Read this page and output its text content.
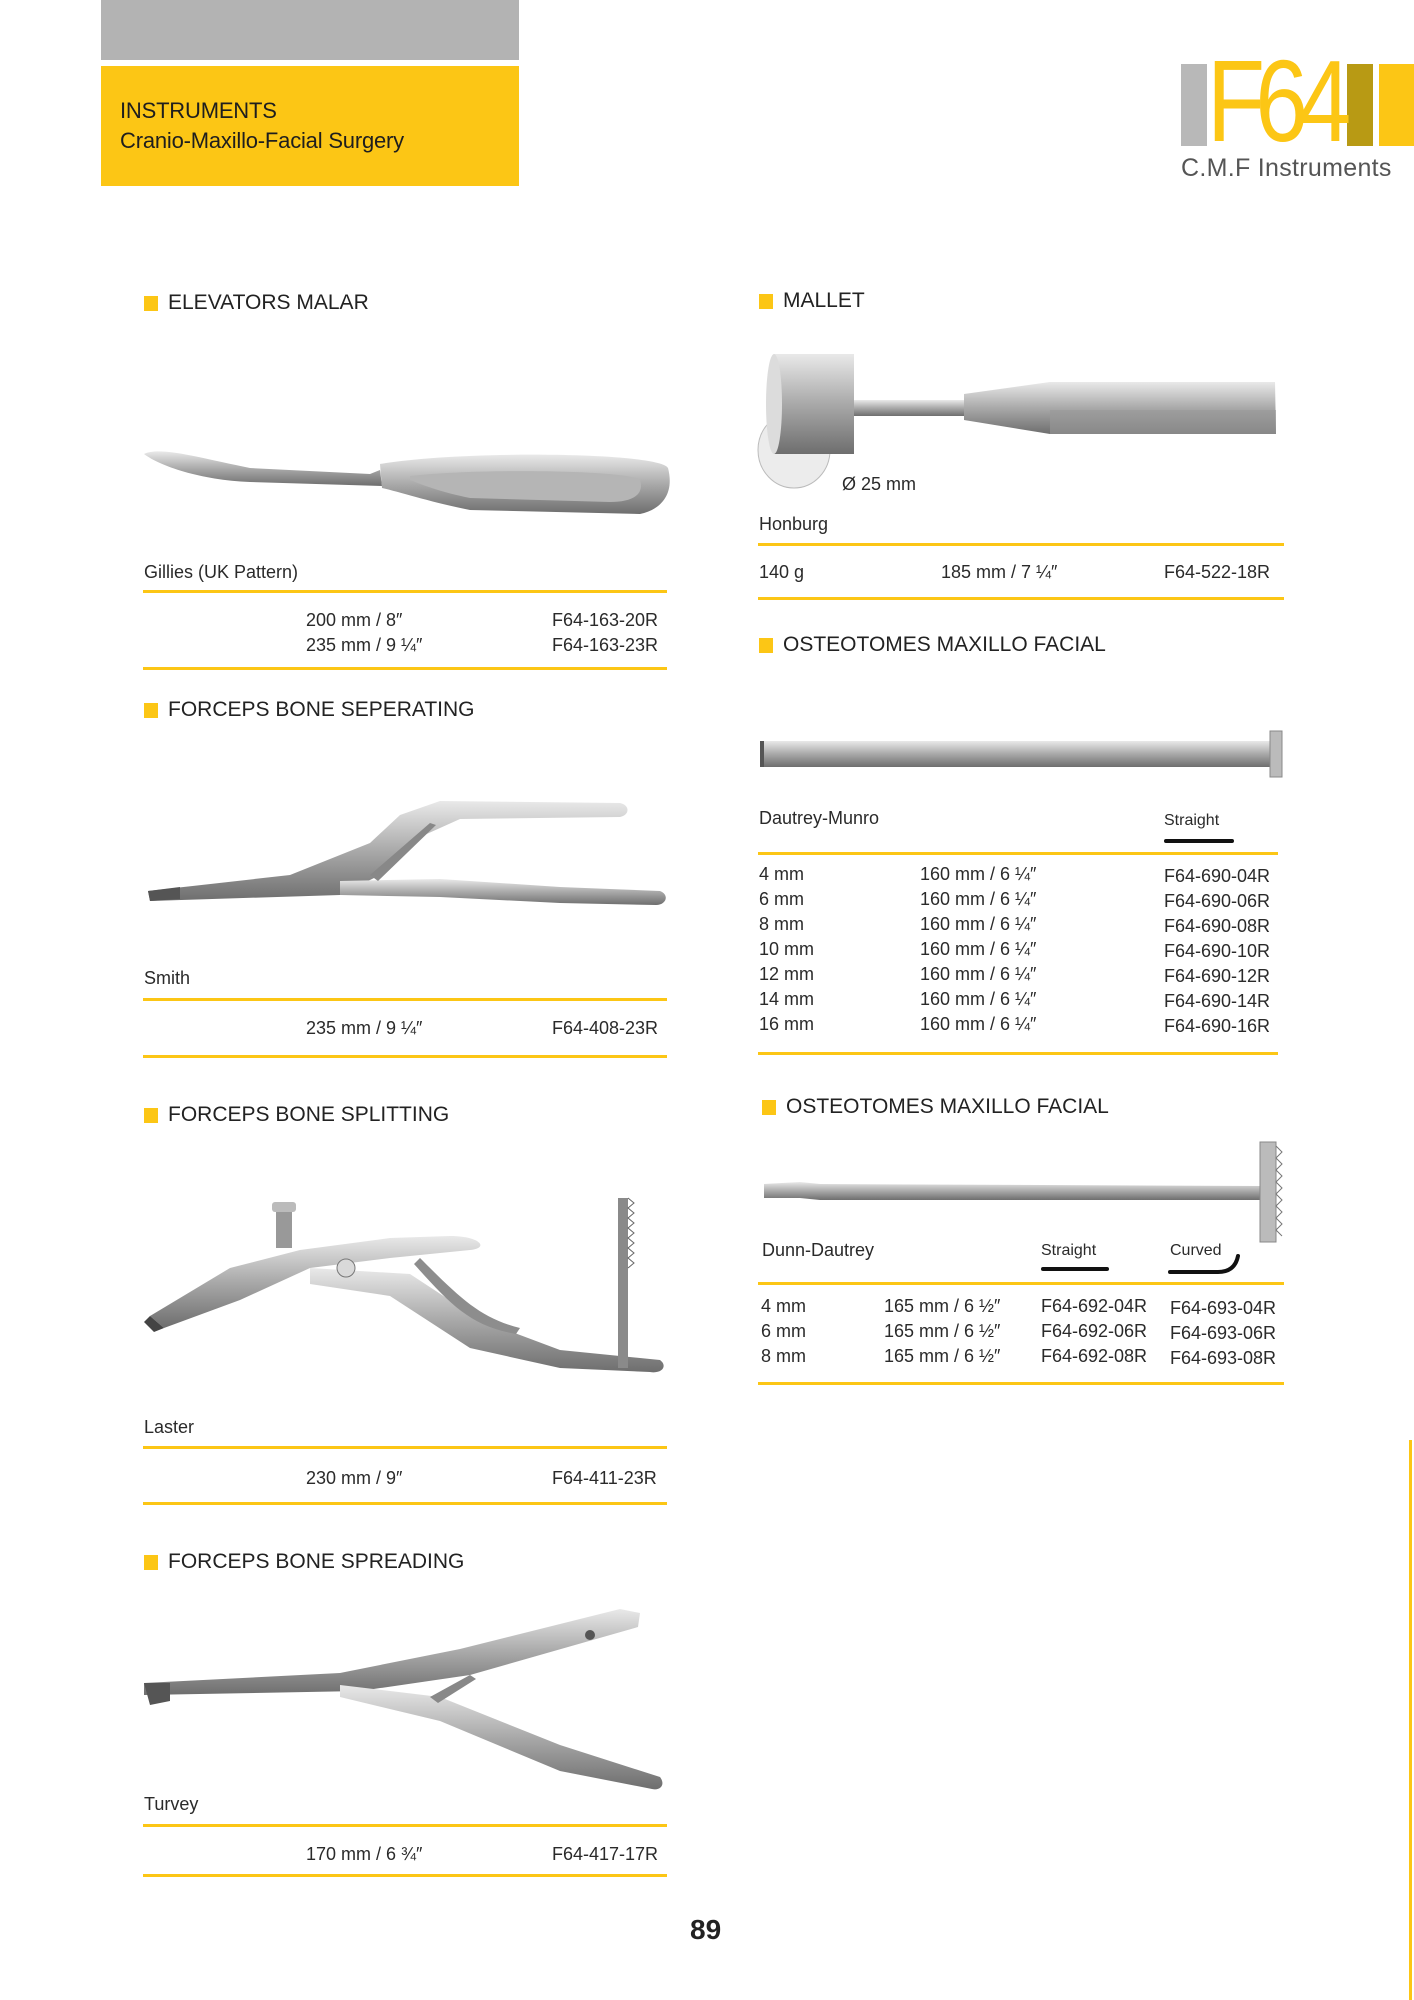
INSTRUMENTS
Cranio-Maxillo-Facial Surgery	F64
C.M.F Instruments
ELEVATORS MALAR
Gillies (UK Pattern)
200 mm / 8″	F64-163-20R
235 mm / 9 ¼″	F64-163-23R
FORCEPS BONE SEPERATING
Smith
235 mm / 9 ¼″	F64-408-23R
FORCEPS BONE SPLITTING
Laster
230 mm / 9″	F64-411-23R
FORCEPS BONE SPREADING
Turvey
170 mm / 6 ¾″	F64-417-17R
MALLET
Ø 25 mm
Honburg
140 g	185 mm / 7 ¼″	F64-522-18R
OSTEOTOMES MAXILLO FACIAL
Dautrey-Munro	Straight
4 mm	160 mm / 6 ¼″	F64-690-04R
6 mm	160 mm / 6 ¼″	F64-690-06R
8 mm	160 mm / 6 ¼″	F64-690-08R
10 mm	160 mm / 6 ¼″	F64-690-10R
12 mm	160 mm / 6 ¼″	F64-690-12R
14 mm	160 mm / 6 ¼″	F64-690-14R
16 mm	160 mm / 6 ¼″	F64-690-16R
OSTEOTOMES MAXILLO FACIAL
Dunn-Dautrey	Straight	Curved
4 mm	165 mm / 6 ½″ F64-692-04R F64-693-04R
6 mm	165 mm / 6 ½″ F64-692-06R F64-693-06R
8 mm	165 mm / 6 ½″ F64-692-08R F64-693-08R
89
